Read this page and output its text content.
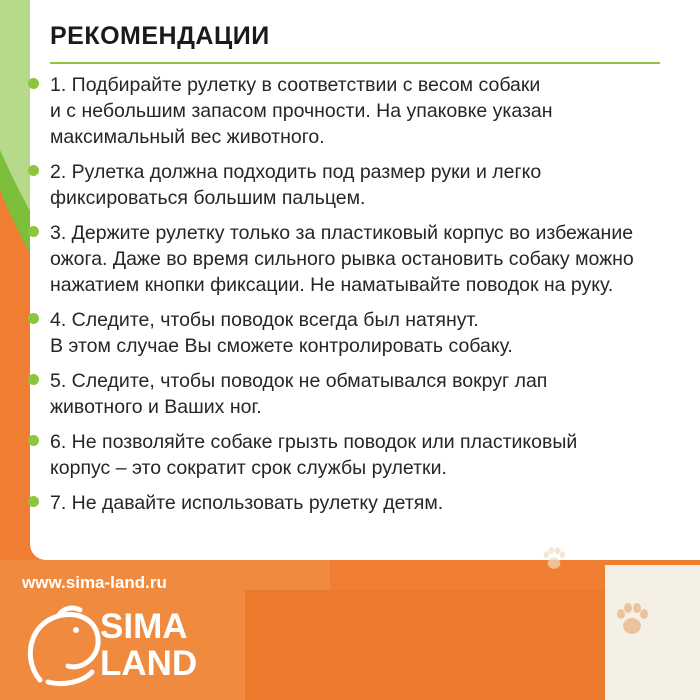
РЕКОМЕНДАЦИИ
1. Подбирайте рулетку в соответствии с весом собаки
и с небольшим запасом прочности. На упаковке указан
максимальный вес животного.
2. Рулетка должна подходить под размер руки и легко
фиксироваться большим пальцем.
3. Держите рулетку только за пластиковый корпус во избежание
ожога. Даже во время сильного рывка остановить собаку можно
нажатием кнопки фиксации. Не наматывайте поводок на руку.
4. Следите, чтобы поводок всегда был натянут.
В этом случае Вы сможете контролировать собаку.
5. Следите, чтобы поводок не обматывался вокруг лап
животного и Ваших ног.
6. Не позволяйте собаке грызть поводок или пластиковый
корпус – это сократит срок службы рулетки.
7. Не давайте использовать рулетку детям.
www.sima-land.ru
SIMA
LAND
